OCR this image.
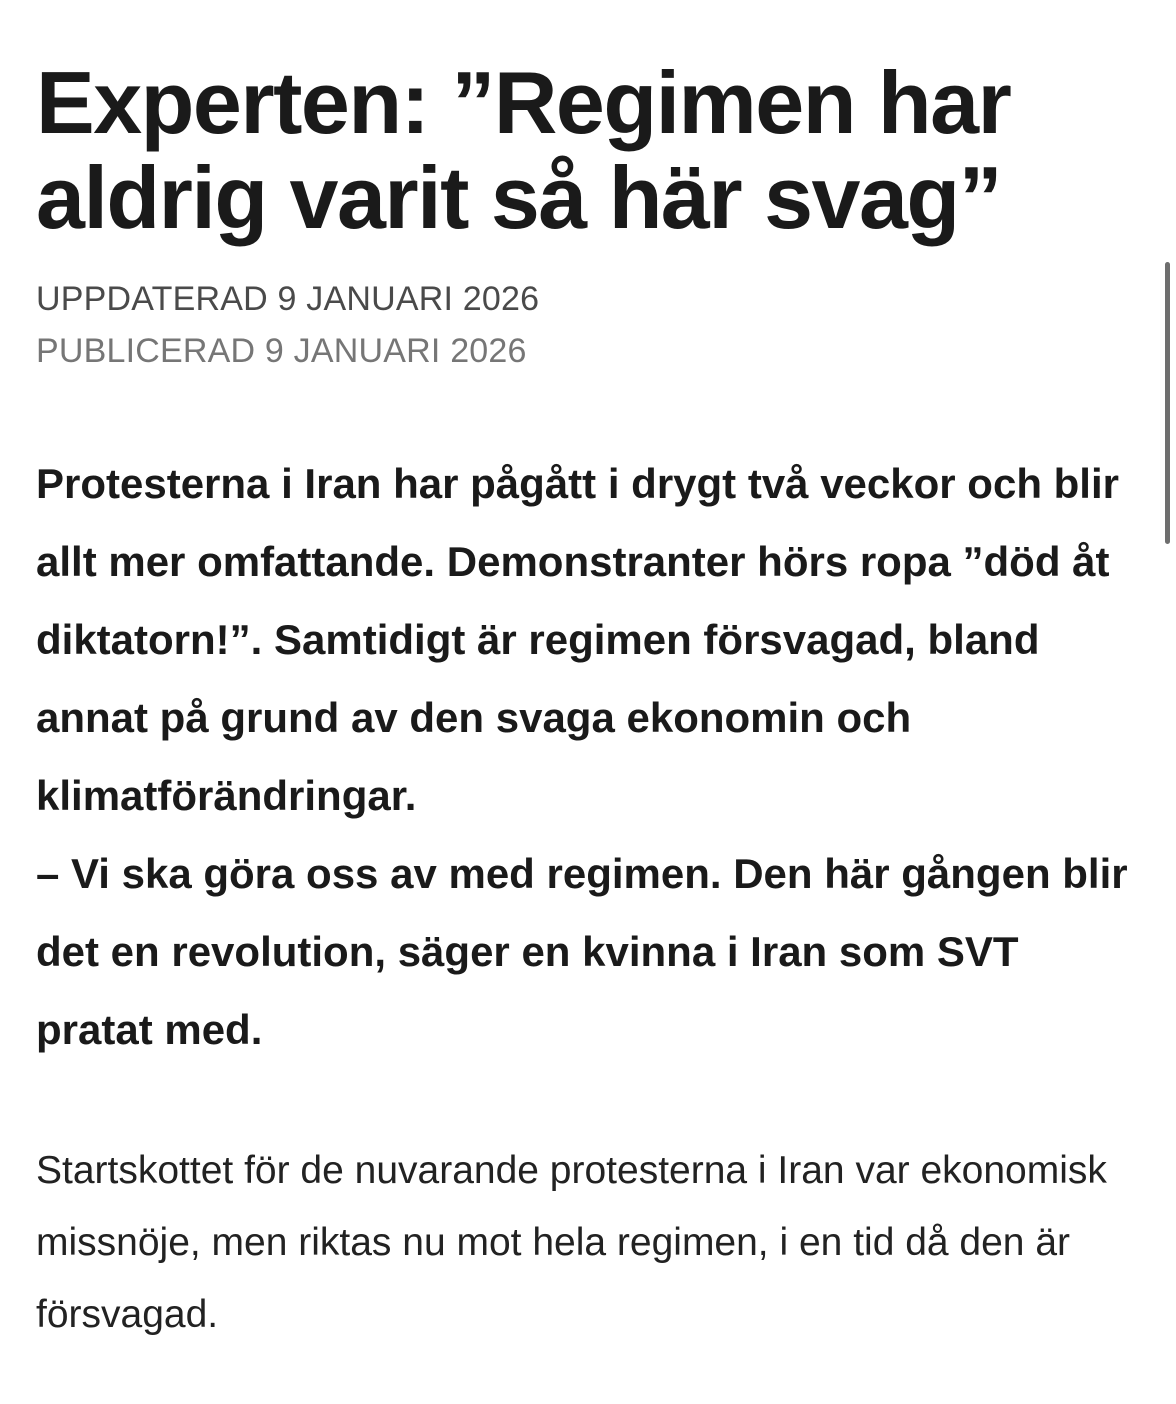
Experten: ”Regimen har aldrig varit så här svag”
UPPDATERAD 9 JANUARI 2026
PUBLICERAD 9 JANUARI 2026

Protesterna i Iran har pågått i drygt två veckor och blir allt mer omfattande. Demonstranter hörs ropa ”död åt diktatorn!”. Samtidigt är regimen försvagad, bland annat på grund av den svaga ekonomin och klimatförändringar.

– Vi ska göra oss av med regimen. Den här gången blir det en revolution, säger en kvinna i Iran som SVT pratat med.

Startskottet för de nuvarande protesterna i Iran var ekonomisk missnöje, men riktas nu mot hela regimen, i en tid då den är försvagad.
